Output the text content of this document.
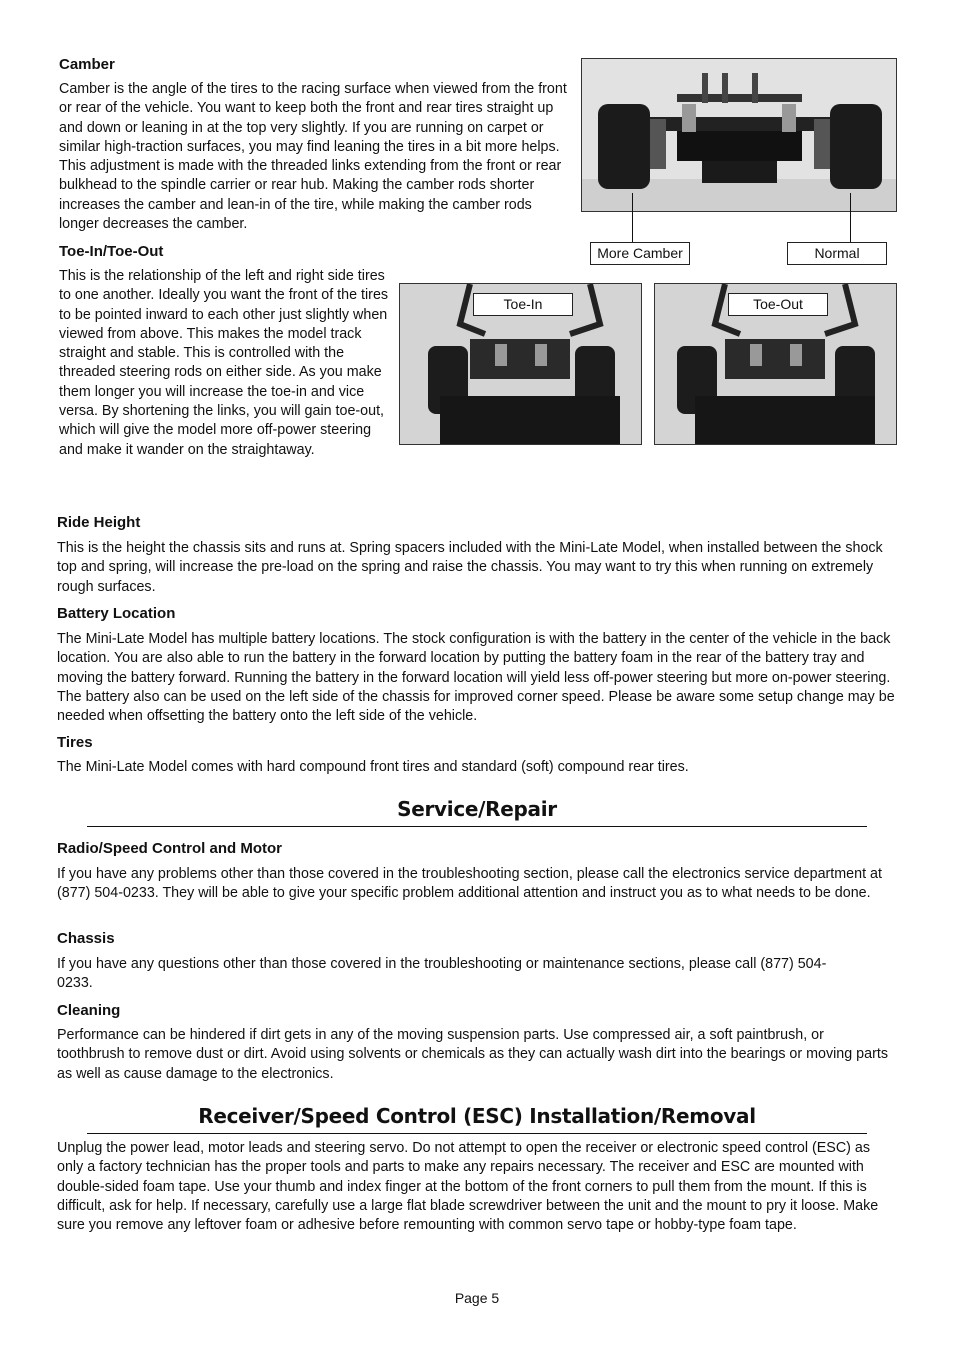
Camber

Camber is the angle of the tires to the racing surface when viewed from the front or rear of the vehicle. You want to keep both the front and rear tires straight up and down or leaning in at the top very slightly. If you are running on carpet or similar high-traction surfaces, you may find leaning the tires in a bit more helps. This adjustment is made with the threaded links extending from the front or rear bulkhead to the spindle carrier or rear hub. Making the camber rods shorter increases the camber and lean-in of the tire, while making the camber rods longer decreases the camber.

More Camber	Normal
Toe-In/Toe-Out

This is the relationship of the left and right side tires to one another. Ideally you want the front of the tires to be pointed inward to each other just slightly when viewed from above. This makes the model track straight and stable. This is controlled with the threaded steering rods on either side. As you make them longer you will increase the toe-in and vice versa. By shortening the links, you will gain toe-out, which will give the model more off-power steering and make it wander on the straightaway.

Toe-In	Toe-Out
Ride Height

This is the height the chassis sits and runs at. Spring spacers included with the Mini-Late Model, when installed between the shock top and spring, will increase the pre-load on the spring and raise the chassis. You may want to try this when running on extremely rough surfaces.

Battery Location

The Mini-Late Model has multiple battery locations. The stock configuration is with the battery in the center of the vehicle in the back location. You are also able to run the battery in the forward location by putting the battery foam in the rear of the battery tray and moving the battery forward. Running the battery in the forward location will yield less off-power steering but more on-power steering. The battery also can be used on the left side of the chassis for improved corner speed. Please be aware some setup change may be needed when offsetting the battery onto the left side of the vehicle.

Tires

The Mini-Late Model comes with hard compound front tires and standard (soft) compound rear tires.

Service/Repair
Radio/Speed Control and Motor

If you have any problems other than those covered in the troubleshooting section, please call the electronics service department at (877) 504-0233. They will be able to give your specific problem additional attention and instruct you as to what needs to be done.

Chassis

If you have any questions other than those covered in the troubleshooting or maintenance sections, please call (877) 504-0233.

Cleaning

Performance can be hindered if dirt gets in any of the moving suspension parts. Use compressed air, a soft paintbrush, or toothbrush to remove dust or dirt. Avoid using solvents or chemicals as they can actually wash dirt into the bearings or moving parts as well as cause damage to the electronics.

Receiver/Speed Control (ESC) Installation/Removal

Unplug the power lead, motor leads and steering servo. Do not attempt to open the receiver or electronic speed control (ESC) as only a factory technician has the proper tools and parts to make any repairs necessary. The receiver and ESC are mounted with double-sided foam tape. Use your thumb and index finger at the bottom of the front corners to pull them from the mount. If this is difficult, ask for help. If necessary, carefully use a large flat blade screwdriver between the unit and the mount to pry it loose. Make sure you remove any leftover foam or adhesive before remounting with common servo tape or hobby-type foam tape.

Page 5
